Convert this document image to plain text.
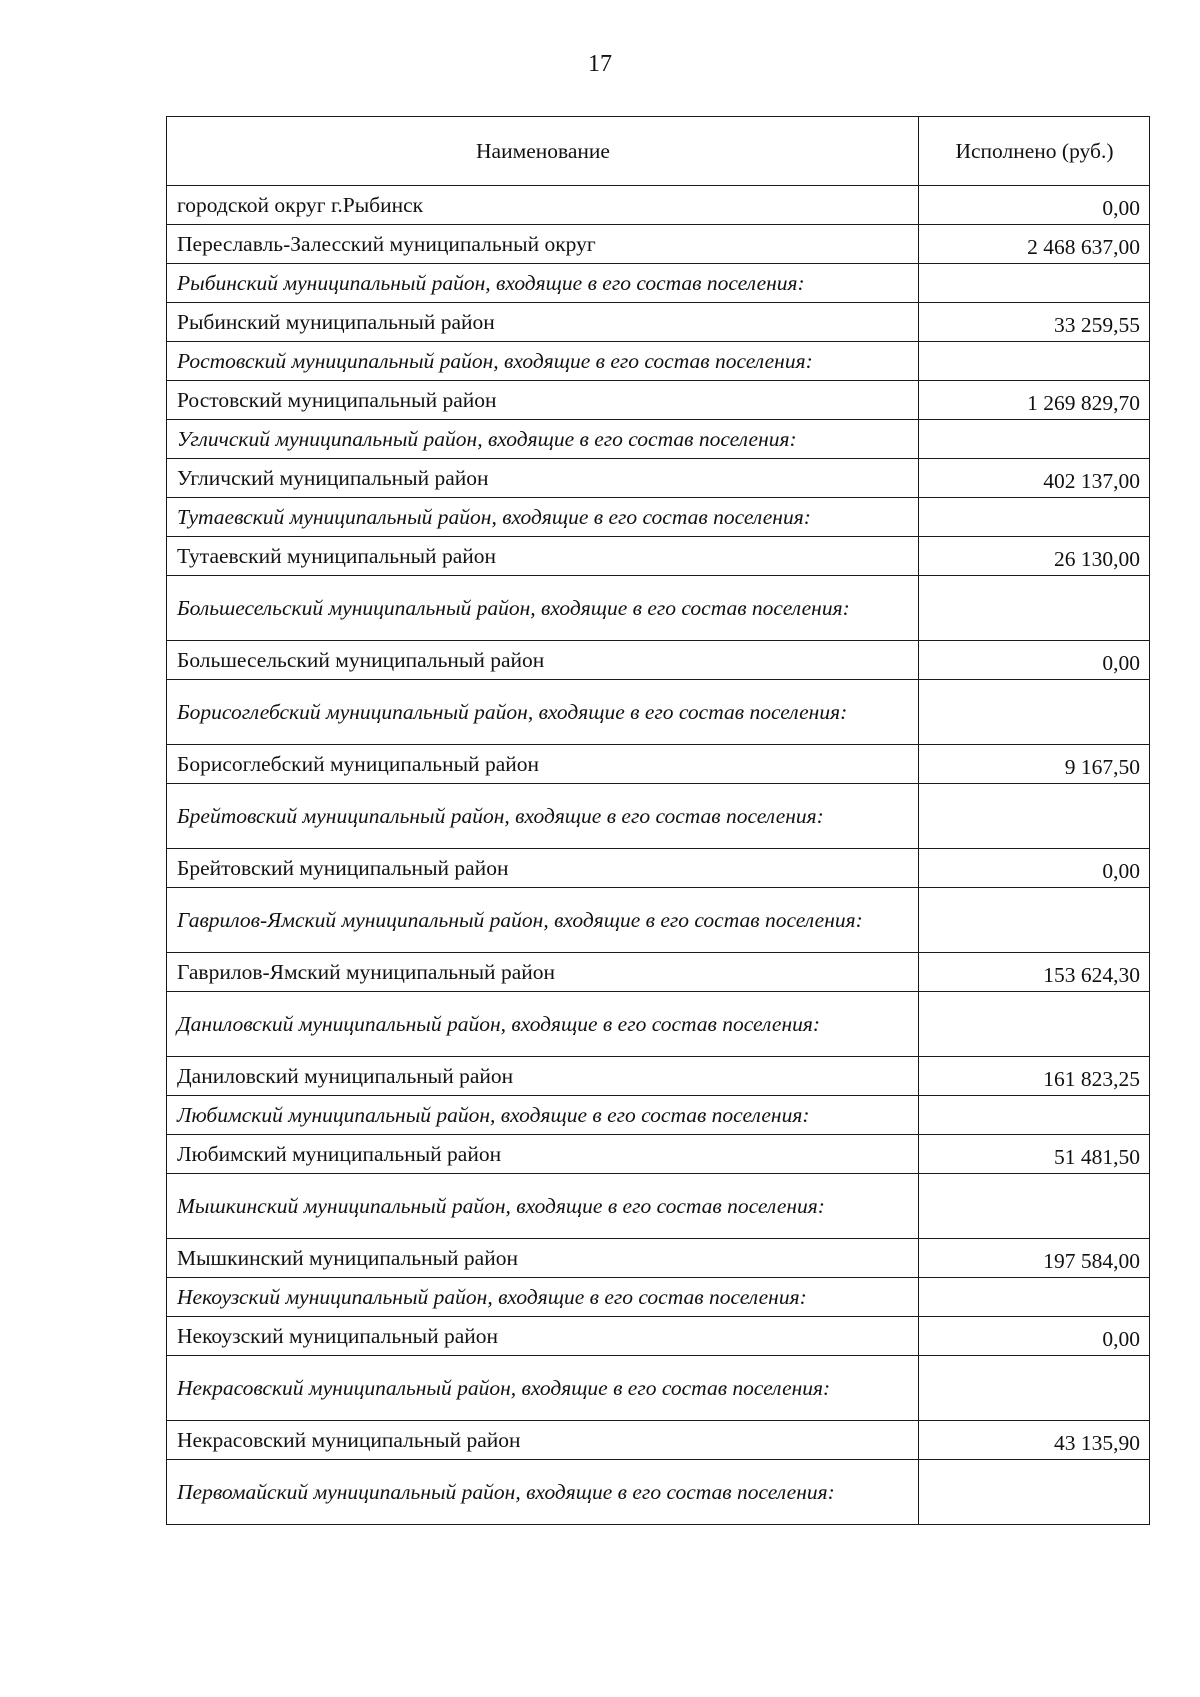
17
Наименование	Исполнено (руб.)
городской округ г.Рыбинск	0,00
Переславль-Залесский муниципальный округ	2 468 637,00
Рыбинский муниципальный район, входящие в его состав поселения:	
Рыбинский муниципальный район	33 259,55
Ростовский муниципальный район, входящие в его состав поселения:	
Ростовский муниципальный район	1 269 829,70
Угличский муниципальный район, входящие в его состав поселения:	
Угличский муниципальный район	402 137,00
Тутаевский муниципальный район, входящие в его состав поселения:	
Тутаевский муниципальный район	26 130,00
Большесельский муниципальный район, входящие в его состав поселения:	
Большесельский муниципальный район	0,00
Борисоглебский муниципальный район, входящие в его состав поселения:	
Борисоглебский муниципальный район	9 167,50
Брейтовский муниципальный район, входящие в его состав поселения:	
Брейтовский муниципальный район	0,00
Гаврилов-Ямский муниципальный район, входящие в его состав поселения:	
Гаврилов-Ямский муниципальный район	153 624,30
Даниловский муниципальный район, входящие в его состав поселения:	
Даниловский муниципальный район	161 823,25
Любимский муниципальный район, входящие в его состав поселения:	
Любимский муниципальный район	51 481,50
Мышкинский муниципальный район, входящие в его состав поселения:	
Мышкинский муниципальный район	197 584,00
Некоузский муниципальный район, входящие в его состав поселения:	
Некоузский муниципальный район	0,00
Некрасовский муниципальный район, входящие в его состав поселения:	
Некрасовский муниципальный район	43 135,90
Первомайский муниципальный район, входящие в его состав поселения:	
